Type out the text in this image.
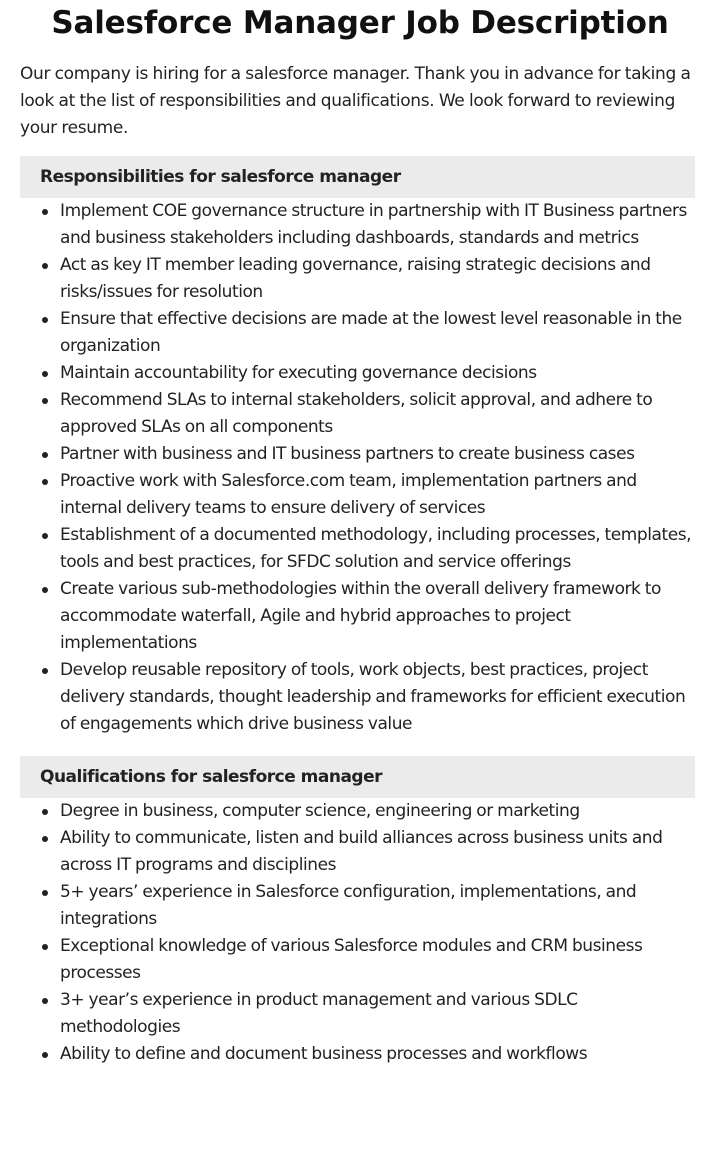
Salesforce Manager Job Description

Our company is hiring for a salesforce manager. Thank you in advance for taking a look at the list of responsibilities and qualifications. We look forward to reviewing your resume.

Responsibilities for salesforce manager
Implement COE governance structure in partnership with IT Business partners and business stakeholders including dashboards, standards and metrics
Act as key IT member leading governance, raising strategic decisions and risks/issues for resolution
Ensure that effective decisions are made at the lowest level reasonable in the organization
Maintain accountability for executing governance decisions
Recommend SLAs to internal stakeholders, solicit approval, and adhere to approved SLAs on all components
Partner with business and IT business partners to create business cases
Proactive work with Salesforce.com team, implementation partners and internal delivery teams to ensure delivery of services
Establishment of a documented methodology, including processes, templates, tools and best practices, for SFDC solution and service offerings
Create various sub-methodologies within the overall delivery framework to accommodate waterfall, Agile and hybrid approaches to project implementations
Develop reusable repository of tools, work objects, best practices, project delivery standards, thought leadership and frameworks for efficient execution of engagements which drive business value
Qualifications for salesforce manager
Degree in business, computer science, engineering or marketing
Ability to communicate, listen and build alliances across business units and across IT programs and disciplines
5+ years’ experience in Salesforce configuration, implementations, and integrations
Exceptional knowledge of various Salesforce modules and CRM business processes
3+ year’s experience in product management and various SDLC methodologies
Ability to define and document business processes and workflows
